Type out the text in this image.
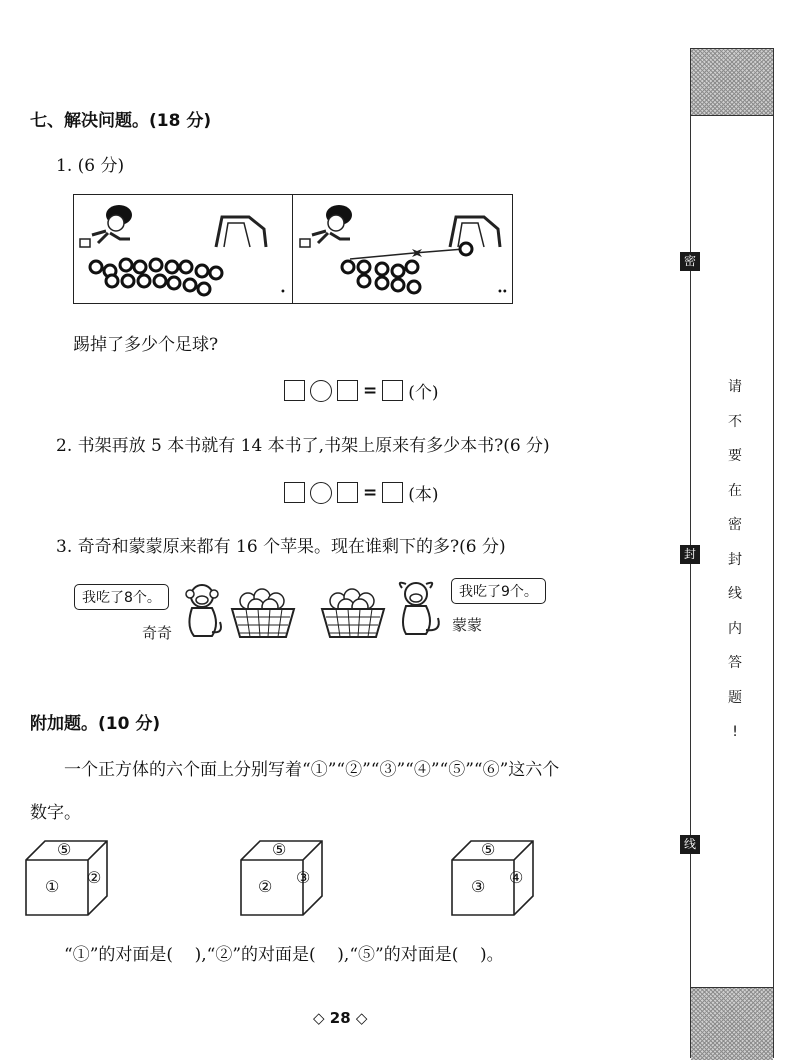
密
封
线
请
不
要
在
密
封
线
内
答
题
!
七、解决问题。(18 分)
1. (6 分)
•	••
踢掉了多少个足球?
= (个)
2. 书架再放 5 本书就有 14 本书了,书架上原来有多少本书?(6 分)
= (本)
3. 奇奇和蒙蒙原来都有 16 个苹果。现在谁剩下的多?(6 分)
我吃了8个。
奇奇
我吃了9个。
蒙蒙
附加题。(10 分)
一个正方体的六个面上分别写着“①”“②”“③”“④”“⑤”“⑥”这六个
数字。
⑤
① ②
⑤
② ③
⑤
③ ④
“①”的对面是(    ),“②”的对面是(    ),“⑤”的对面是(    )。
◇ 28 ◇
